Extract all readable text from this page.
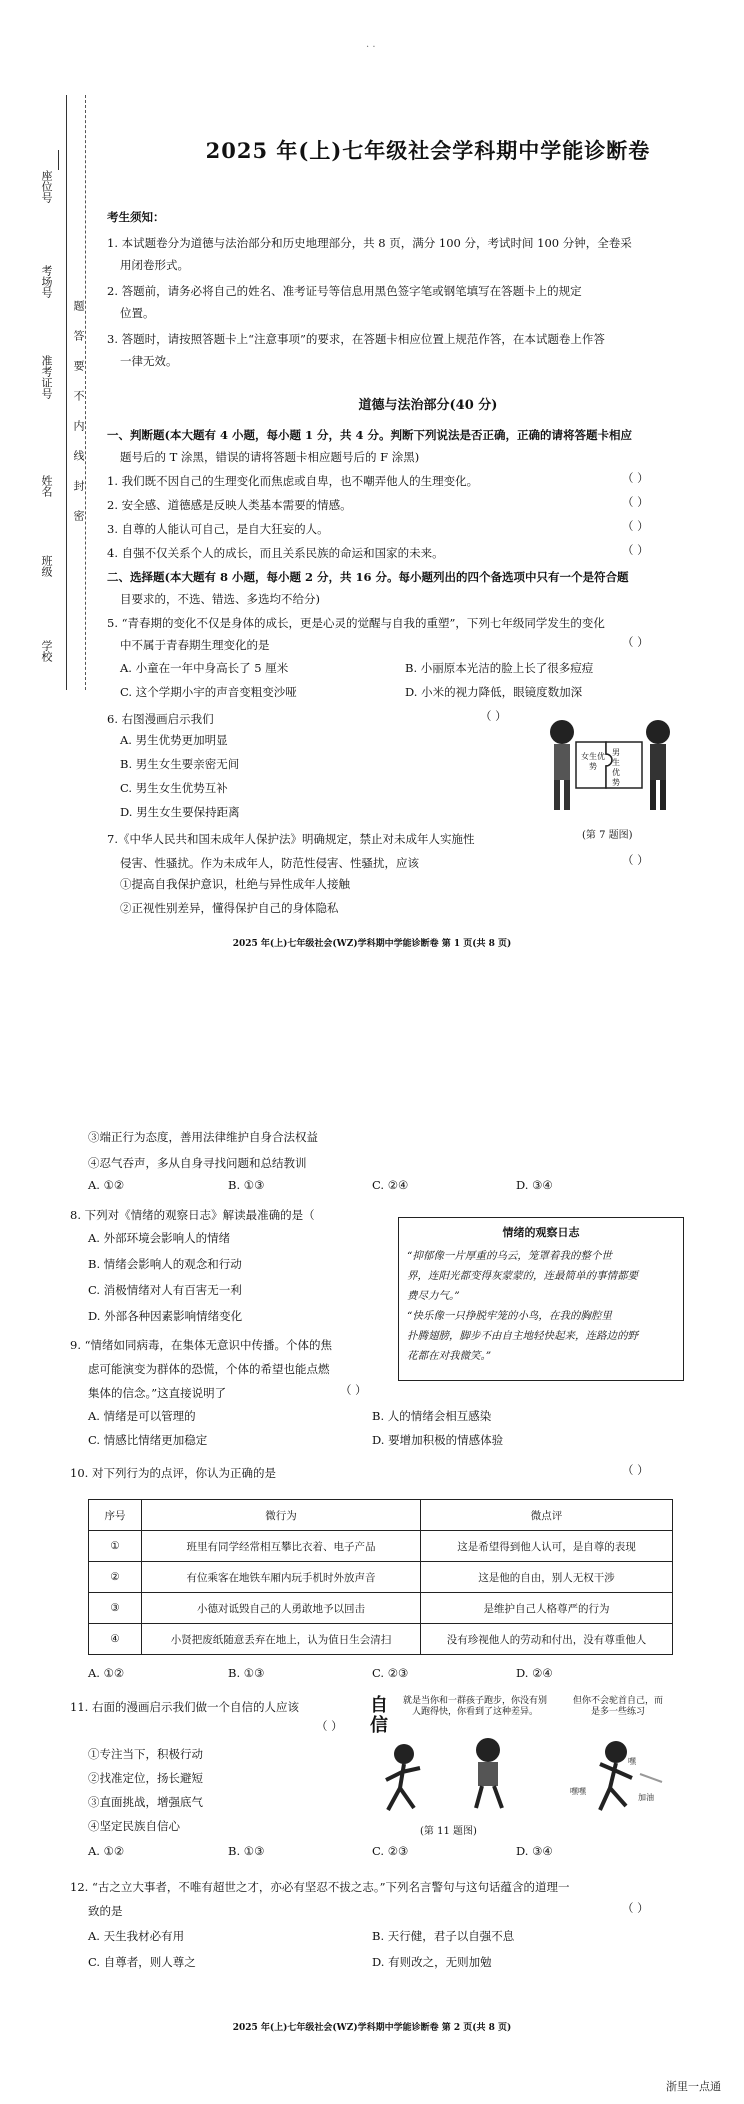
· ·
座位号
考场号
准考证号
姓名
班级
学校
题
答
要
不
内
线
封
密
2025 年(上)七年级社会学科期中学能诊断卷
考生须知：
1. 本试题卷分为道德与法治部分和历史地理部分，共 8 页，满分 100 分，考试时间 100 分钟，全卷采
用闭卷形式。
2. 答题前，请务必将自己的姓名、准考证号等信息用黑色签字笔或钢笔填写在答题卡上的规定
位置。
3. 答题时，请按照答题卡上“注意事项”的要求，在答题卡相应位置上规范作答，在本试题卷上作答
一律无效。
道德与法治部分(40 分)
一、判断题(本大题有 4 小题，每小题 1 分，共 4 分。判断下列说法是否正确，正确的请将答题卡相应
题号后的 T 涂黑，错误的请将答题卡相应题号后的 F 涂黑)
1. 我们既不因自己的生理变化而焦虑或自卑，也不嘲弄他人的生理变化。	（ ）
2. 安全感、道德感是反映人类基本需要的情感。	（ ）
3. 自尊的人能认可自己，是自大狂妄的人。	（ ）
4. 自强不仅关系个人的成长，而且关系民族的命运和国家的未来。	（ ）
二、选择题(本大题有 8 小题，每小题 2 分，共 16 分。每小题列出的四个备选项中只有一个是符合题
目要求的，不选、错选、多选均不给分)
5. “青春期的变化不仅是身体的成长，更是心灵的觉醒与自我的重塑”，下列七年级同学发生的变化
中不属于青春期生理变化的是	（ ）
A. 小童在一年中身高长了 5 厘米	B. 小丽原本光洁的脸上长了很多痘痘
C. 这个学期小宇的声音变粗变沙哑	D. 小米的视力降低，眼镜度数加深
6. 右图漫画启示我们	（ ）
A. 男生优势更加明显
B. 男生女生要亲密无间
C. 男生女生优势互补
D. 男生女生要保持距离
女生优势
男生优势
(第 7 题图)
7.《中华人民共和国未成年人保护法》明确规定，禁止对未成年人实施性
侵害、性骚扰。作为未成年人，防范性侵害、性骚扰，应该	（ ）
①提高自我保护意识，杜绝与异性成年人接触
②正视性别差异，懂得保护自己的身体隐私
2025 年(上)七年级社会(WZ)学科期中学能诊断卷 第 1 页(共 8 页)
③端正行为态度，善用法律维护自身合法权益
④忍气吞声，多从自身寻找问题和总结教训
A. ①②	B. ①③	C. ②④	D. ③④
8. 下列对《情绪的观察日志》解读最准确的是（
A. 外部环境会影响人的情绪
B. 情绪会影响人的观念和行动
C. 消极情绪对人有百害无一利
D. 外部各种因素影响情绪变化
情绪的观察日志
“抑郁像一片厚重的乌云，笼罩着我的整个世
界，连阳光都变得灰蒙蒙的，连最简单的事情都要
费尽力气。”
“快乐像一只挣脱牢笼的小鸟，在我的胸腔里
扑腾翅膀，脚步不由自主地轻快起来，连路边的野
花都在对我微笑。”
9. “情绪如同病毒，在集体无意识中传播。个体的焦
虑可能演变为群体的恐慌，个体的希望也能点燃
集体的信念。”这直接说明了	（ ）
A. 情绪是可以管理的	B. 人的情绪会相互感染
C. 情感比情绪更加稳定	D. 要增加积极的情感体验
10. 对下列行为的点评，你认为正确的是	（ ）
序号	微行为	微点评
①	班里有同学经常相互攀比衣着、电子产品	这是希望得到他人认可，是自尊的表现
②	有位乘客在地铁车厢内玩手机时外放声音	这是他的自由，别人无权干涉
③	小德对诋毁自己的人勇敢地予以回击	是维护自己人格尊严的行为
④	小贤把废纸随意丢弃在地上，认为值日生会清扫	没有珍视他人的劳动和付出，没有尊重他人
A. ①②	B. ①③	C. ②③	D. ②④
11. 右面的漫画启示我们做一个自信的人应该
（ ）
①专注当下，积极行动
②找准定位，扬长避短
③直面挑战，增强底气
④坚定民族自信心
A. ①②	B. ①③	C. ②③	D. ③④
自信
就是当你和一群孩子跑步，你没有别人跑得快，你看到了这种差异。
但你不会驼首自己，而是多一些练习
嘿
嘿嘿
加油
(第 11 题图)
12. “古之立大事者，不唯有超世之才，亦必有坚忍不拔之志。”下列名言警句与这句话蕴含的道理一
致的是	（ ）
A. 天生我材必有用	B. 天行健，君子以自强不息
C. 自尊者，则人尊之	D. 有则改之，无则加勉
2025 年(上)七年级社会(WZ)学科期中学能诊断卷 第 2 页(共 8 页)
浙里一点通
